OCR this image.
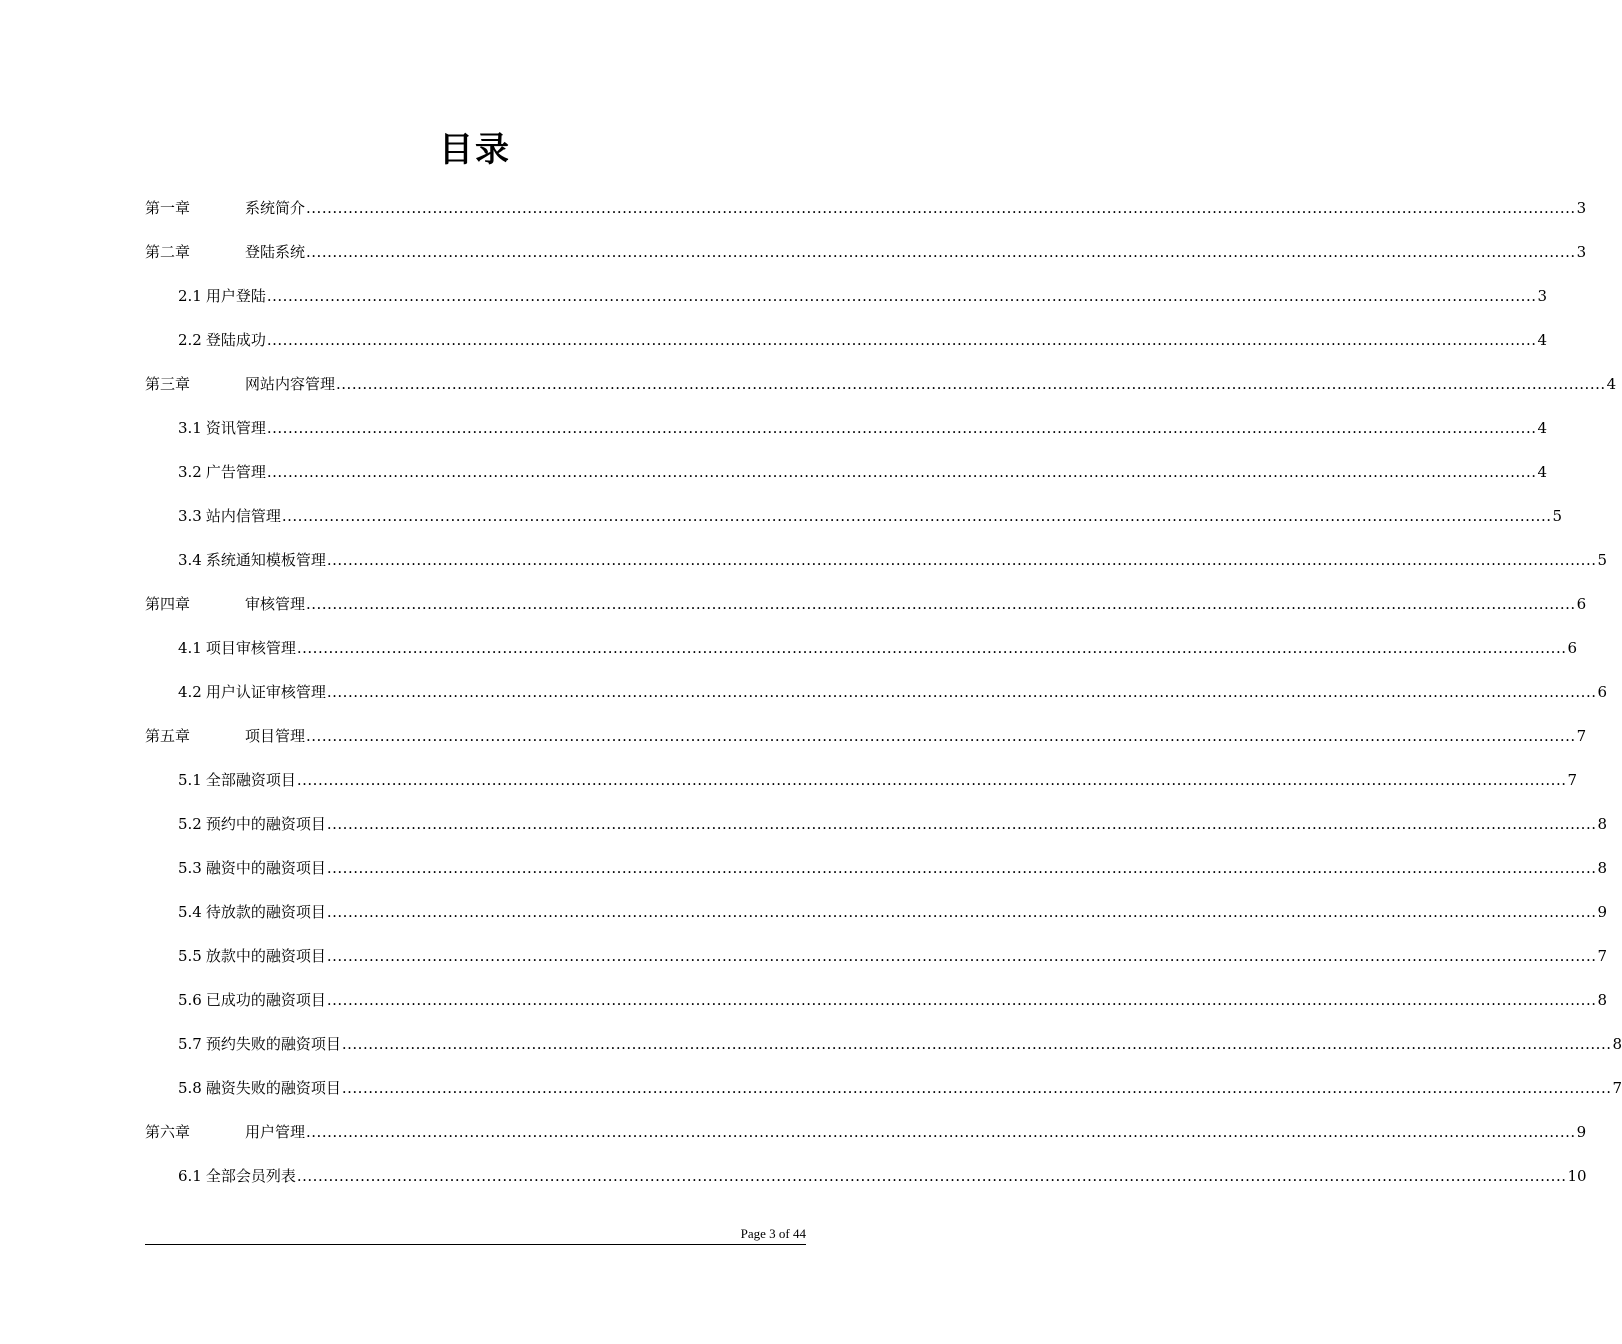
目录
第一章	系统简介 ................................................................................................................................................................................................................................................. 3
第二章	登陆系统 ................................................................................................................................................................................................................................................. 3
2.1 用户登陆 ................................................................................................................................................................................................................................................. 3
2.2 登陆成功 ................................................................................................................................................................................................................................................. 4
第三章	网站内容管理 ................................................................................................................................................................................................................................................. 4
3.1 资讯管理 ................................................................................................................................................................................................................................................. 4
3.2 广告管理 ................................................................................................................................................................................................................................................. 4
3.3 站内信管理 ................................................................................................................................................................................................................................................. 5
3.4 系统通知模板管理 ................................................................................................................................................................................................................................................. 5
第四章	审核管理 ................................................................................................................................................................................................................................................. 6
4.1 项目审核管理 ................................................................................................................................................................................................................................................. 6
4.2 用户认证审核管理 ................................................................................................................................................................................................................................................. 6
第五章	项目管理 ................................................................................................................................................................................................................................................. 7
5.1 全部融资项目 ................................................................................................................................................................................................................................................. 7
5.2 预约中的融资项目 ................................................................................................................................................................................................................................................. 8
5.3 融资中的融资项目 ................................................................................................................................................................................................................................................. 8
5.4 待放款的融资项目 ................................................................................................................................................................................................................................................. 9
5.5 放款中的融资项目 ................................................................................................................................................................................................................................................. 7
5.6 已成功的融资项目 ................................................................................................................................................................................................................................................. 8
5.7 预约失败的融资项目 ................................................................................................................................................................................................................................................. 8
5.8 融资失败的融资项目 ................................................................................................................................................................................................................................................. 7
第六章	用户管理 ................................................................................................................................................................................................................................................. 9
6.1 全部会员列表 ................................................................................................................................................................................................................................................. 10
Page 3 of 44
